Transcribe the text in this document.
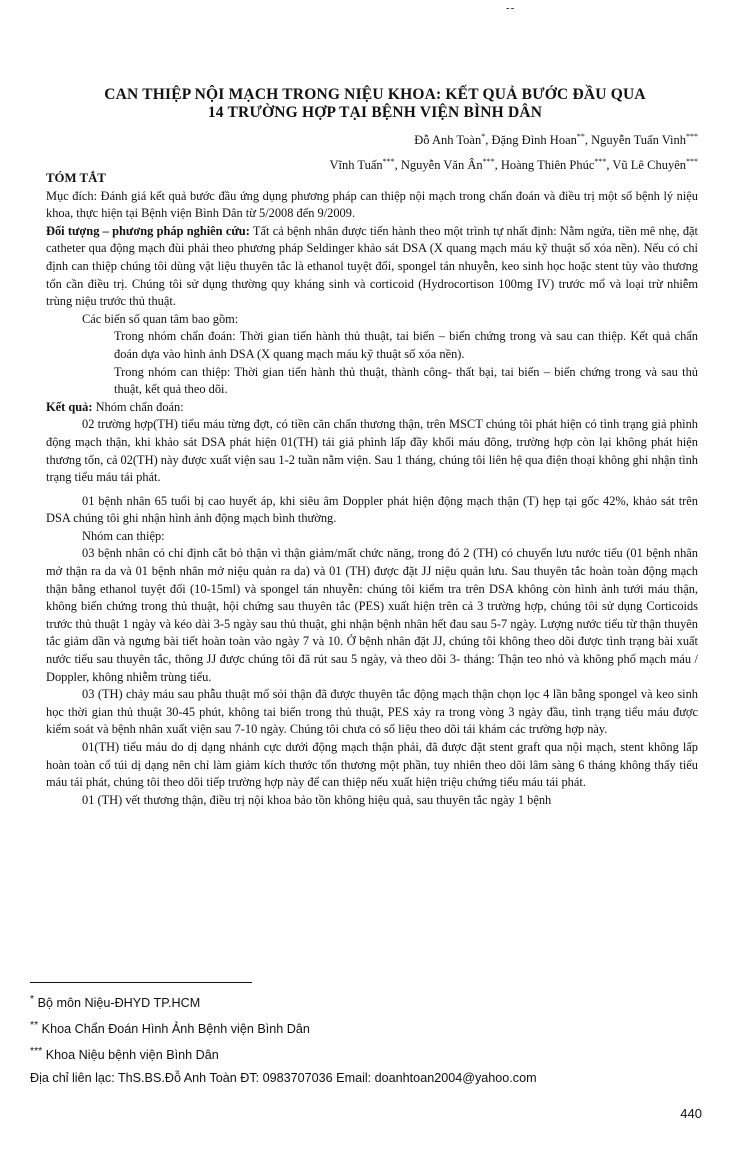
--
CAN THIỆP NỘI MẠCH TRONG NIỆU KHOA: KẾT QUẢ BƯỚC ĐẦU QUA
14 TRƯỜNG HỢP TẠI BỆNH VIỆN BÌNH DÂN
Đỗ Anh Toàn*, Đặng Đình Hoan**, Nguyễn Tuấn Vinh***
Vĩnh Tuấn***, Nguyễn Văn Ân***, Hoàng Thiên Phúc***, Vũ Lê Chuyên***

TÓM TẮT

Mục đích: Đánh giá kết quả bước đầu ứng dụng phương pháp can thiệp nội mạch trong chẩn đoán và điều trị một số bệnh lý niệu khoa, thực hiện tại Bệnh viện Bình Dân từ 5/2008 đến 9/2009.

Đối tượng – phương pháp nghiên cứu: Tất cả bệnh nhân được tiến hành theo một trình tự nhất định: Nằm ngửa, tiền mê nhẹ, đặt catheter qua động mạch đùi phải theo phương pháp Seldinger khảo sát DSA (X quang mạch máu kỹ thuật số xóa nền). Nếu có chỉ định can thiệp chúng tôi dùng vật liệu thuyên tắc là ethanol tuyệt đối, spongel tán nhuyễn, keo sinh học hoặc stent tùy vào thương tổn cần điều trị. Chúng tôi sử dụng thường quy kháng sinh và corticoid (Hydrocortison 100mg IV) trước mổ và loại trừ nhiễm trùng niệu trước thủ thuật.

Các biến số quan tâm bao gồm:

Trong nhóm chẩn đoán: Thời gian tiến hành thủ thuật, tai biến – biến chứng trong và sau can thiệp. Kết quả chẩn đoán dựa vào hình ảnh DSA (X quang mạch máu kỹ thuật số xóa nền).

Trong nhóm can thiệp: Thời gian tiến hành thủ thuật, thành công- thất bại, tai biến – biến chứng trong và sau thủ thuật, kết quả theo dõi.

Kết quả: Nhóm chẩn đoán:

02 trường hợp(TH) tiểu máu từng đợt, có tiền căn chấn thương thận, trên MSCT chúng tôi phát hiện có tình trạng giả phình động mạch thận, khi khảo sát DSA phát hiện 01(TH) tái giả phình lấp đầy khối máu đông, trường hợp còn lại không phát hiện thương tổn, cả 02(TH) này được xuất viện sau 1-2 tuần nằm viện. Sau 1 tháng, chúng tôi liên hệ qua điện thoại không ghi nhận tình trạng tiểu máu tái phát.

01 bệnh nhân 65 tuổi bị cao huyết áp, khi siêu âm Doppler phát hiện động mạch thận (T) hẹp tại gốc 42%, khảo sát trên DSA chúng tôi ghi nhận hình ảnh động mạch bình thường.

Nhóm can thiệp:

03 bệnh nhân có chỉ định cắt bỏ thận vì thận giảm/mất chức năng, trong đó 2 (TH) có chuyển lưu nước tiểu (01 bệnh nhân mở thận ra da và 01 bệnh nhân mở niệu quản ra da) và 01 (TH) được đặt JJ niệu quản lưu. Sau thuyên tắc hoàn toàn động mạch thận bằng ethanol tuyệt đối (10-15ml) và spongel tán nhuyễn: chúng tôi kiểm tra trên DSA không còn hình ảnh tưới máu thận, không biến chứng trong thủ thuật, hội chứng sau thuyên tắc (PES) xuất hiện trên cả 3 trường hợp, chúng tôi sử dụng Corticoids trước thủ thuật 1 ngày và kéo dài 3-5 ngày sau thủ thuật, ghi nhận bệnh nhân hết đau sau 5-7 ngày. Lượng nước tiểu từ thận thuyên tắc giảm dần và ngưng bài tiết hoàn toàn vào ngày 7 và 10. Ở bệnh nhân đặt JJ, chúng tôi không theo dõi được tình trạng bài xuất nước tiểu sau thuyên tắc, thông JJ được chúng tôi đã rút sau 5 ngày, và theo dõi 3- tháng: Thận teo nhỏ và không phổ mạch máu / Doppler, không nhiễm trùng tiểu.

03 (TH) chảy máu sau phẫu thuật mổ sỏi thận đã được thuyên tắc động mạch thận chọn lọc 4 lần bằng spongel và keo sinh học thời gian thủ thuật 30-45 phút, không tai biến trong thủ thuật, PES xảy ra trong vòng 3 ngày đầu, tình trạng tiểu máu được kiểm soát và bệnh nhân xuất viện sau 7-10 ngày. Chúng tôi chưa có số liệu theo dõi tái khám các trường hợp này.

01(TH) tiểu máu do dị dạng nhánh cực dưới động mạch thận phải, đã được đặt stent graft qua nội mạch, stent không lấp hoàn toàn cổ túi dị dạng nên chỉ làm giảm kích thước tổn thương một phần, tuy nhiên theo dõi lâm sàng 6 tháng không thấy tiểu máu tái phát, chúng tôi theo dõi tiếp trường hợp này để can thiệp nếu xuất hiện triệu chứng tiểu máu tái phát.

01 (TH) vết thương thận, điều trị nội khoa bảo tồn không hiệu quả, sau thuyên tắc ngày 1 bệnh

* Bộ môn Niệu-ĐHYD TP.HCM

** Khoa Chẩn Đoán Hình Ảnh Bệnh viện Bình Dân

*** Khoa Niệu bệnh viện Bình Dân

Địa chỉ liên lạc: ThS.BS.Đỗ Anh Toàn ĐT: 0983707036 Email: doanhtoan2004@yahoo.com

440
